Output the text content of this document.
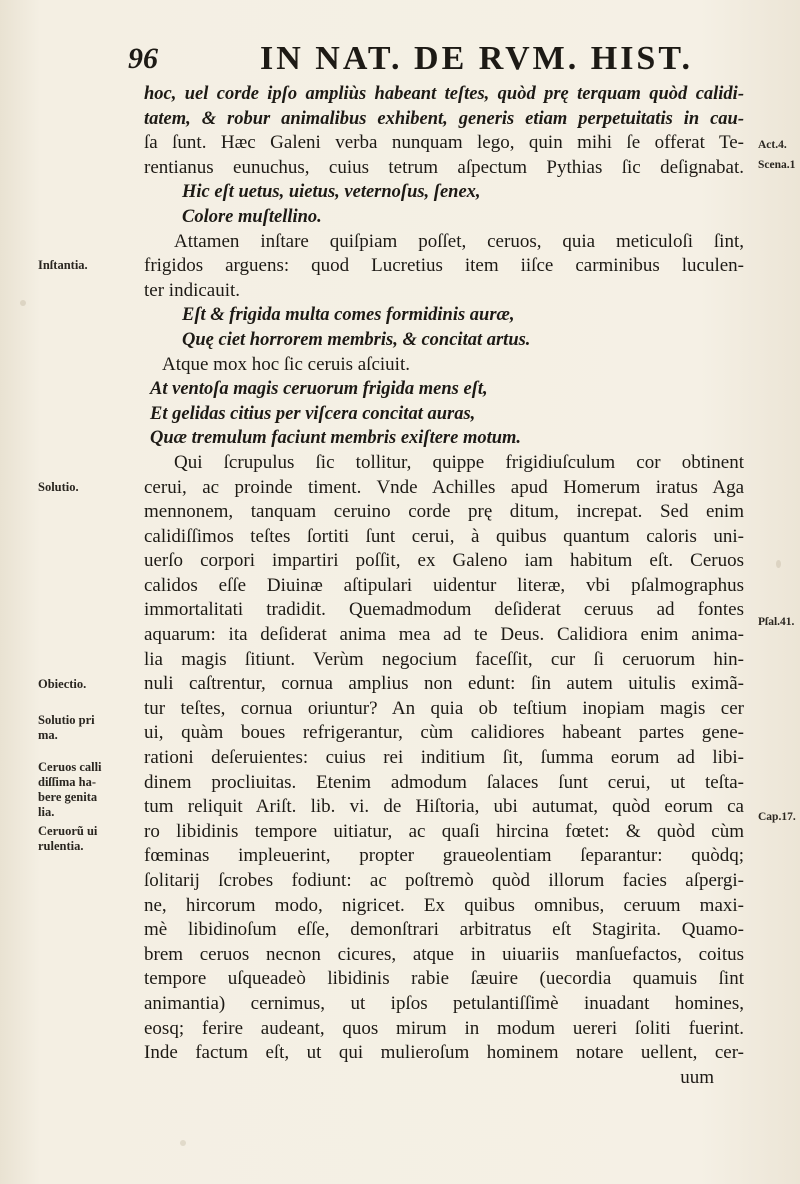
96	IN NAT. DE RVM. HIST.
hoc, uel corde ipſo ampliùs habeant teſtes, quòd prę terquam quòd calidi-
tatem, & robur animalibus exhibent, generis etiam perpetuitatis in cau-
ſa ſunt. Hæc Galeni verba nunquam lego, quin mihi ſe offerat Te-
rentianus eunuchus, cuius tetrum aſpectum Pythias ſic deſignabat.
Hic eſt uetus, uietus, veternoſus, ſenex,
Colore muſtellino.
Attamen inſtare quiſpiam poſſet, ceruos, quia meticuloſi ſint,
frigidos arguens: quod Lucretius item iiſce carminibus luculen-
ter indicauit.
Eſt & frigida multa comes formidinis auræ,
Quę ciet horrorem membris, & concitat artus.
Atque mox hoc ſic ceruis aſciuit.
At ventoſa magis ceruorum frigida mens eſt,
Et gelidas citius per viſcera concitat auras,
Quæ tremulum faciunt membris exiſtere motum.
Qui ſcrupulus ſic tollitur, quippe frigidiuſculum cor obtinent
cerui, ac proinde timent. Vnde Achilles apud Homerum iratus Aga
mennonem, tanquam ceruino corde prę ditum, increpat. Sed enim
calidiſſimos teſtes ſortiti ſunt cerui, à quibus quantum caloris uni-
uerſo corpori impartiri poſſit, ex Galeno iam habitum eſt. Ceruos
calidos eſſe Diuinæ aſtipulari uidentur literæ, vbi pſalmographus
immortalitati tradidit. Quemadmodum deſiderat ceruus ad fontes
aquarum: ita deſiderat anima mea ad te Deus. Calidiora enim anima-
lia magis ſitiunt. Verùm negocium faceſſit, cur ſi ceruorum hin-
nuli caſtrentur, cornua amplius non edunt: ſin autem uitulis eximã-
tur teſtes, cornua oriuntur? An quia ob teſtium inopiam magis cer
ui, quàm boues refrigerantur, cùm calidiores habeant partes gene-
rationi deſeruientes: cuius rei inditium ſit, ſumma eorum ad libi-
dinem procliuitas. Etenim admodum ſalaces ſunt cerui, ut teſta-
tum reliquit Ariſt. lib. vi. de Hiſtoria, ubi autumat, quòd eorum ca
ro libidinis tempore uitiatur, ac quaſi hircina fœtet: & quòd cùm
fœminas impleuerint, propter graueolentiam ſeparantur: quòdq;
ſolitarij ſcrobes fodiunt: ac poſtremò quòd illorum facies aſpergi-
ne, hircorum modo, nigricet. Ex quibus omnibus, ceruum maxi-
mè libidinoſum eſſe, demonſtrari arbitratus eſt Stagirita. Quamo-
brem ceruos necnon cicures, atque in uiuariis manſuefactos, coitus
tempore uſqueadeò libidinis rabie ſæuire (uecordia quamuis ſint
animantia) cernimus, ut ipſos petulantiſſimè inuadant homines,
eosq; ferire audeant, quos mirum in modum uereri ſoliti fuerint.
Inde factum eſt, ut qui mulieroſum hominem notare uellent, cer-
uum
Inſtantia.
Solutio.
Obiectio.
Solutio pri ma.
Ceruos calli diſſima ha- bere genita lia.
Ceruorũ ui rulentia.
Act.4.
Scena.1
Pſal.41.
Cap.17.
